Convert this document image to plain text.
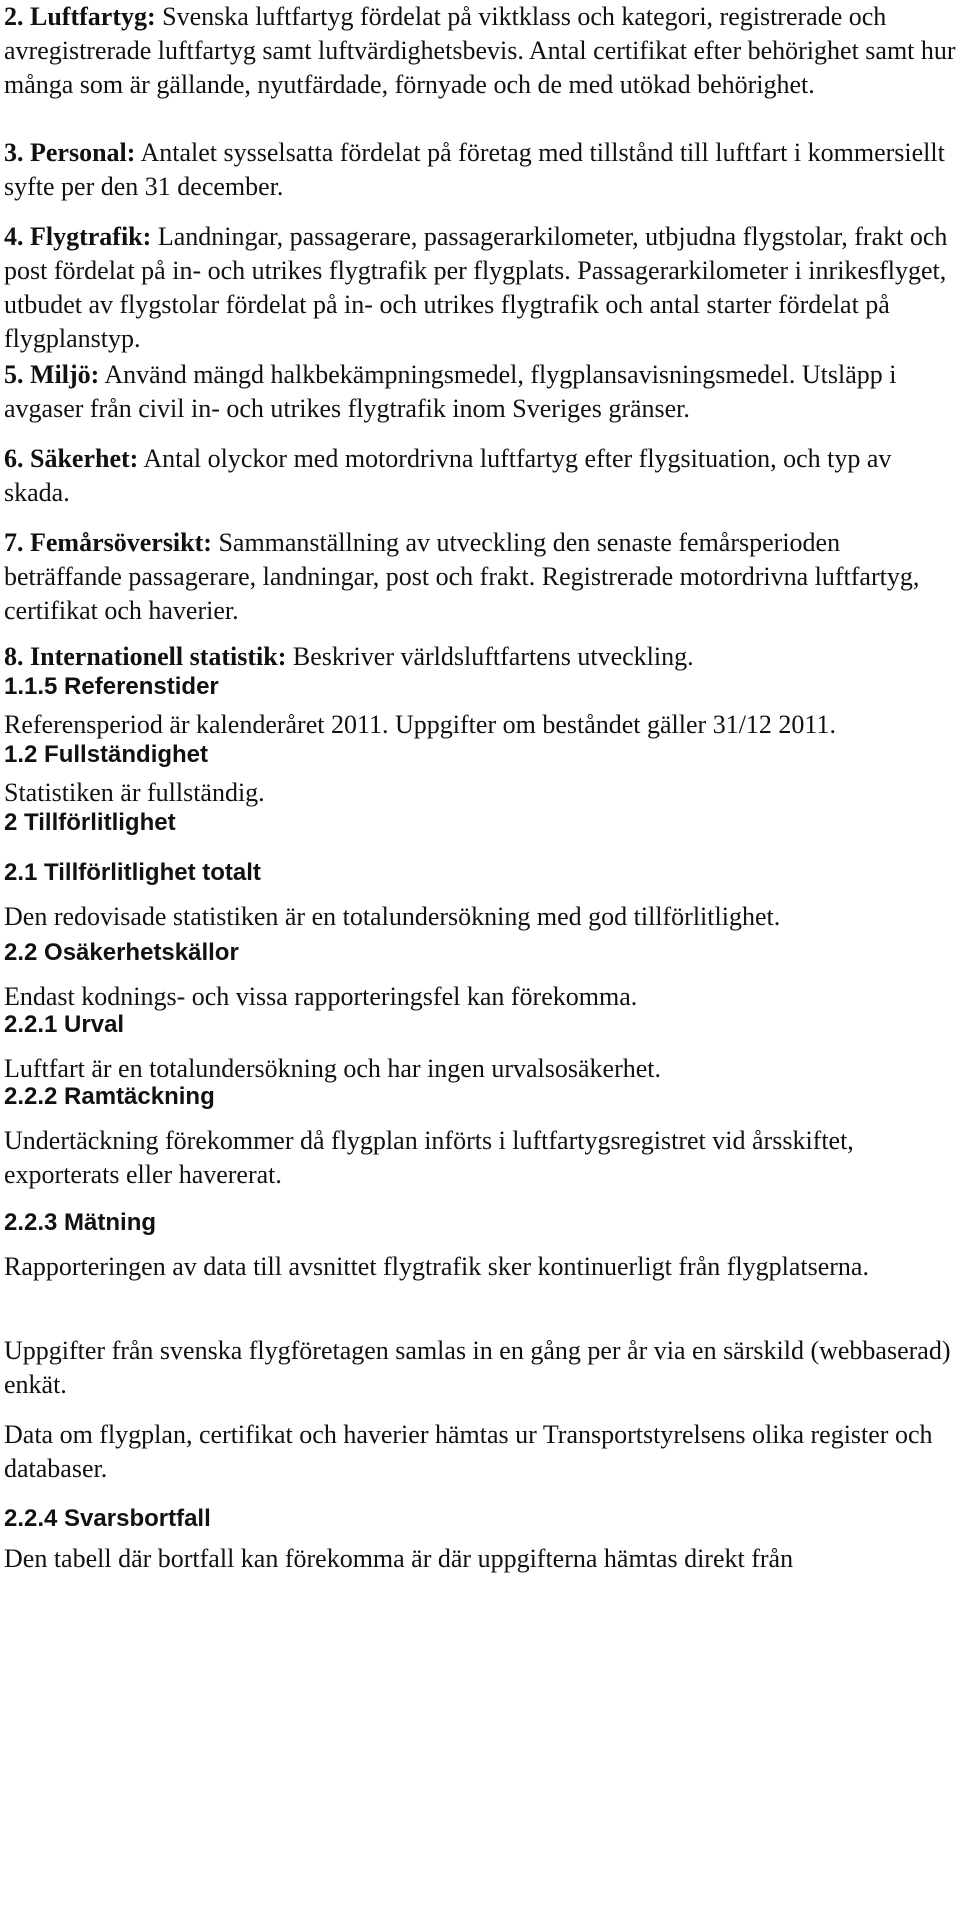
2. Luftfartyg: Svenska luftfartyg fördelat på viktklass och kategori, registrerade och avregistrerade luftfartyg samt luftvärdighetsbevis. Antal certifikat efter behörighet samt hur många som är gällande, nyutfärdade, förnyade och de med utökad behörighet.

3. Personal: Antalet sysselsatta fördelat på företag med tillstånd till luftfart i kommersiellt syfte per den 31 december.

4. Flygtrafik: Landningar, passagerare, passagerarkilometer, utbjudna flygstolar, frakt och post fördelat på in- och utrikes flygtrafik per flygplats. Passagerarkilometer i inrikesflyget, utbudet av flygstolar fördelat på in- och utrikes flygtrafik och antal starter fördelat på flygplanstyp.

5. Miljö: Använd mängd halkbekämpningsmedel, flygplansavisningsmedel. Utsläpp i avgaser från civil in- och utrikes flygtrafik inom Sveriges gränser.

6. Säkerhet: Antal olyckor med motordrivna luftfartyg efter flygsituation, och typ av skada.

7. Femårsöversikt: Sammanställning av utveckling den senaste femårsperioden beträffande passagerare, landningar, post och frakt. Registrerade motordrivna luftfartyg, certifikat och haverier.

8. Internationell statistik: Beskriver världsluftfartens utveckling.

1.1.5 Referenstider

Referensperiod är kalenderåret 2011. Uppgifter om beståndet gäller 31/12 2011.

1.2 Fullständighet

Statistiken är fullständig.

2 Tillförlitlighet
2.1 Tillförlitlighet totalt

Den redovisade statistiken är en totalundersökning med god tillförlitlighet.

2.2 Osäkerhetskällor

Endast kodnings- och vissa rapporteringsfel kan förekomma.

2.2.1 Urval

Luftfart är en totalundersökning och har ingen urvalsosäkerhet.

2.2.2 Ramtäckning

Undertäckning förekommer då flygplan införts i luftfartygsregistret vid årsskiftet, exporterats eller havererat.

2.2.3 Mätning

Rapporteringen av data till avsnittet flygtrafik sker kontinuerligt från flygplatserna.

Uppgifter från svenska flygföretagen samlas in en gång per år via en särskild (webbaserad) enkät.

Data om flygplan, certifikat och haverier hämtas ur Transportstyrelsens olika register och databaser.

2.2.4 Svarsbortfall

Den tabell där bortfall kan förekomma är där uppgifterna hämtas direkt från
